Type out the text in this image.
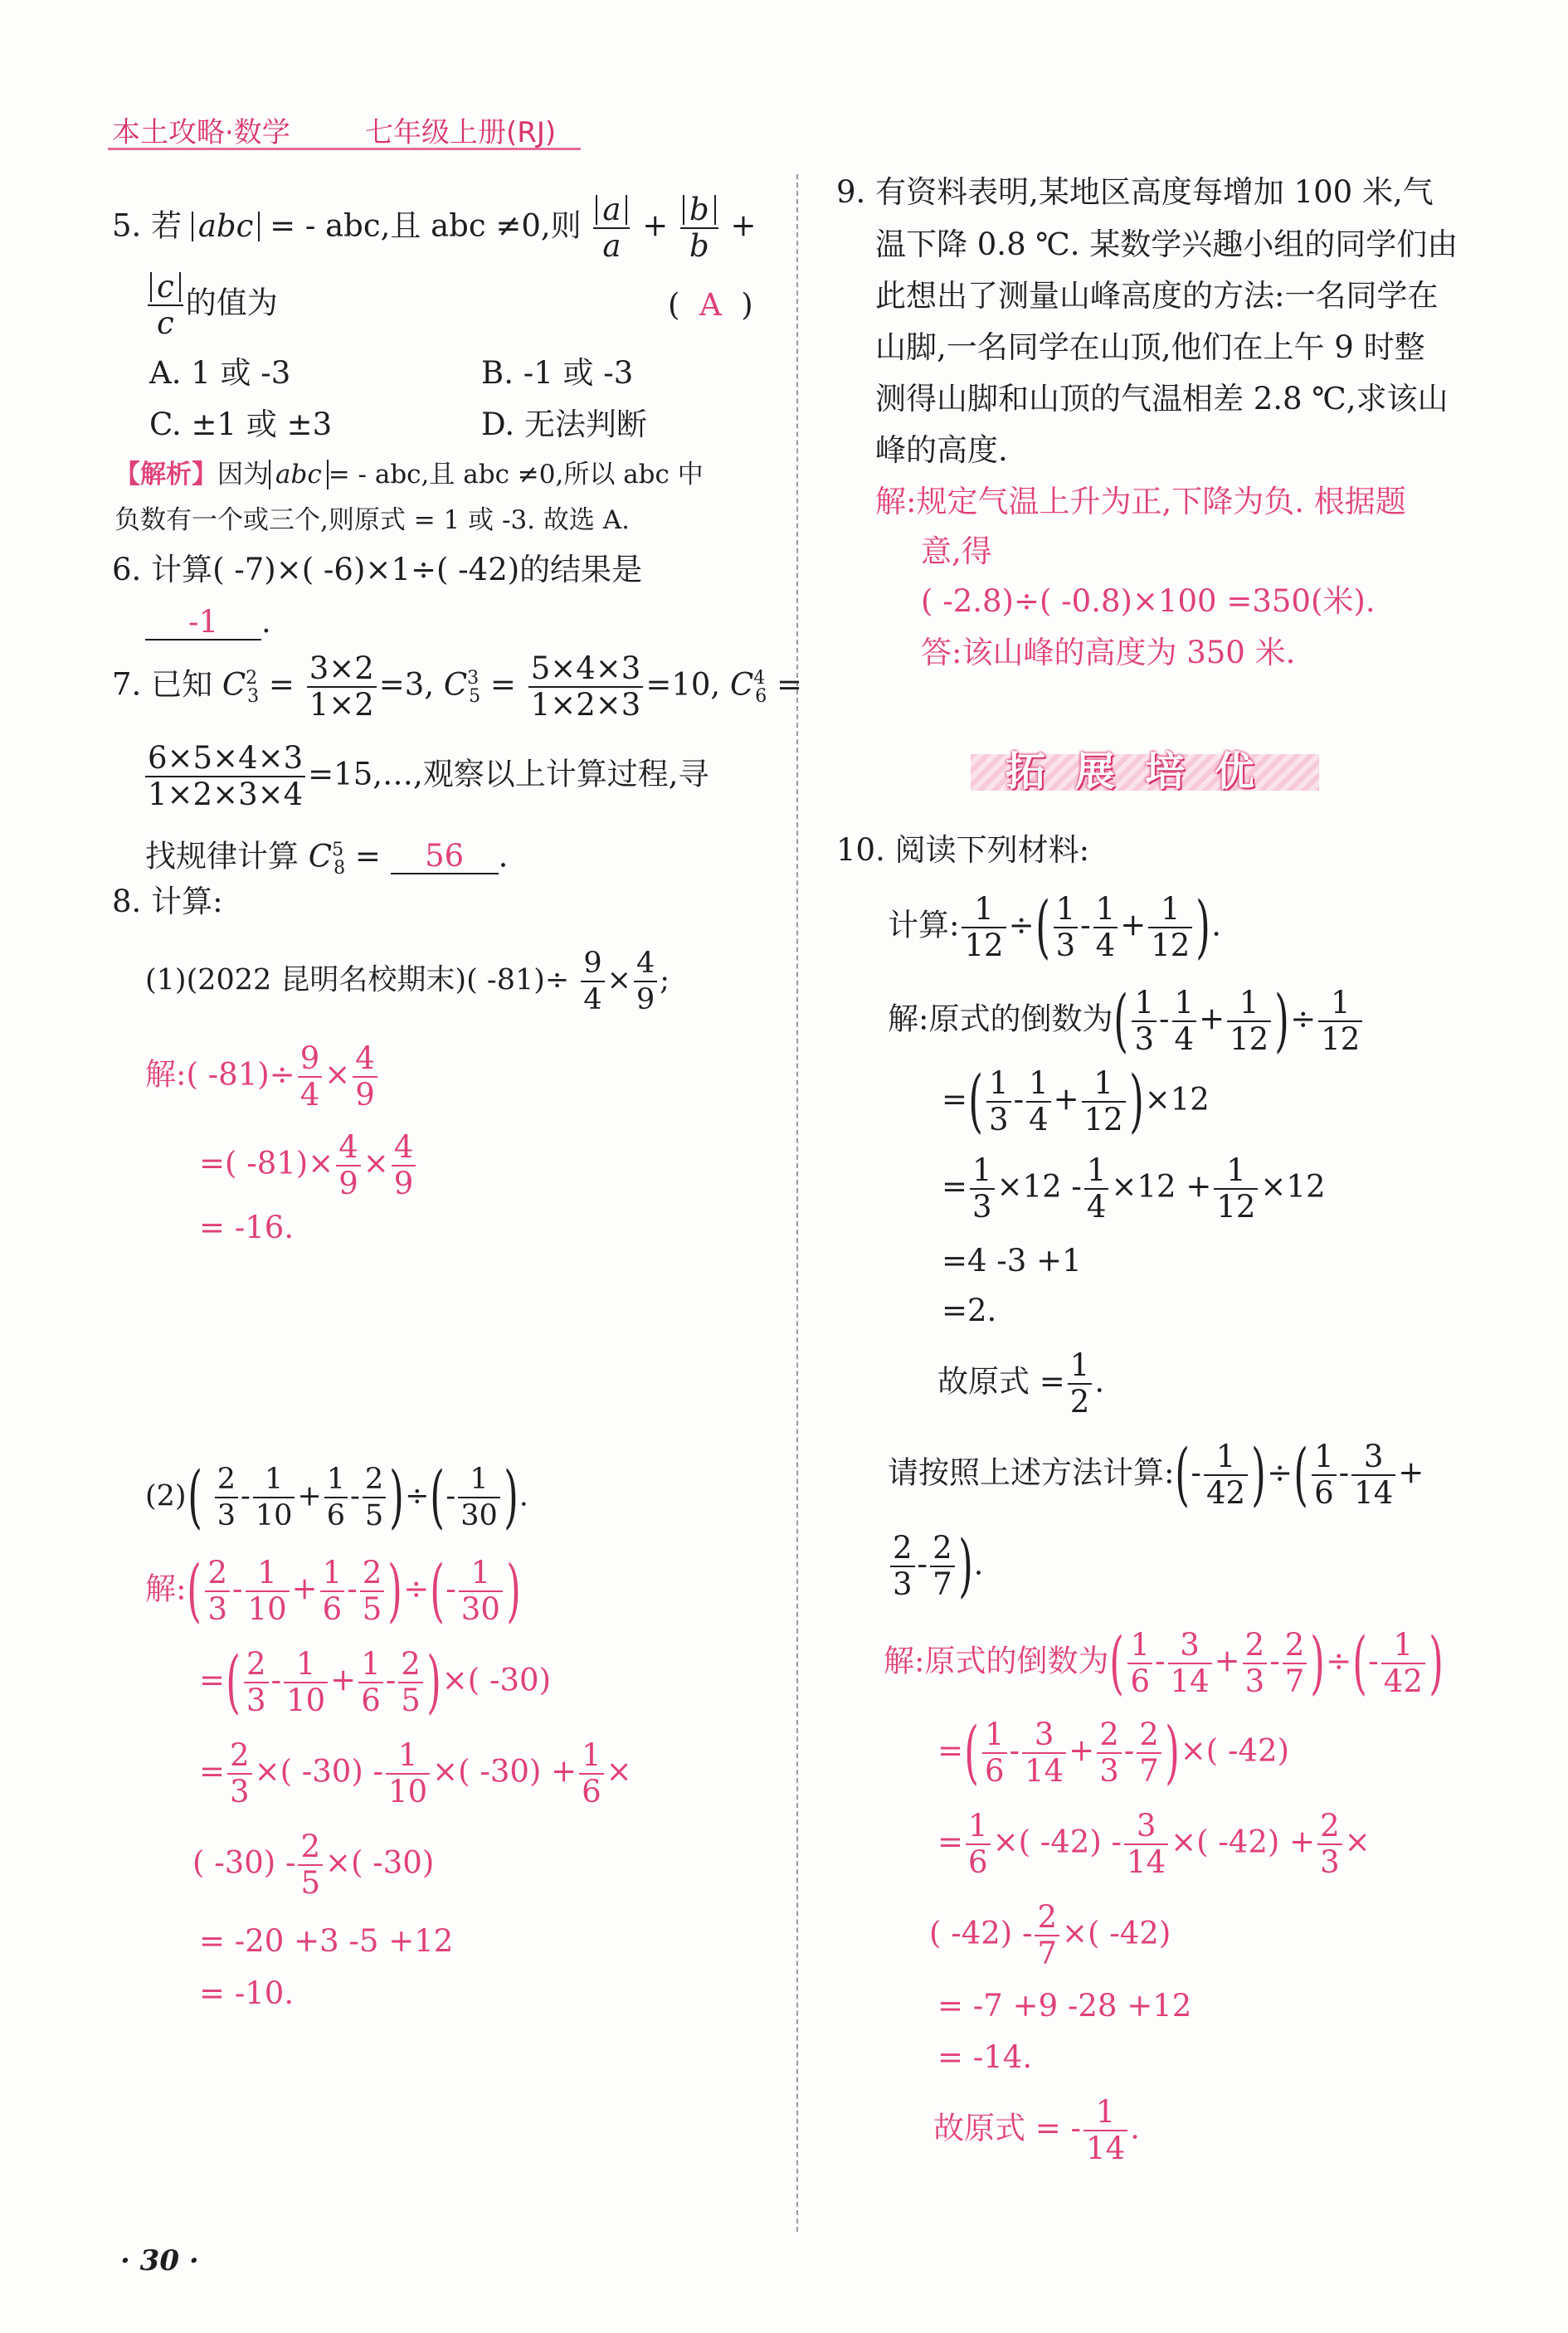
本土攻略·数学	七年级上册(RJ)
5. 若 abc = - abc,且 abc ≠0,则 $\frac{a}{a} + \frac{b}{b}$ +
$\frac{c}{c}$ 的值为	( A )
A. 1 或 -3	B. -1 或 -3
C. ±1 或 ±3	D. 无法判断
【解析】因为 abc = - abc,且 abc ≠0,所以 abc 中
负数有一个或三个,则原式 = 1 或 -3. 故选 A.
6. 计算( -7)×( -6)×1÷( -42)的结果是
-1 .
7. 已知 $C^2_3 = \frac{3\times 2}{1\times 2} =3$, $C^3_5 = \frac{5\times 4\times 3}{1\times 2\times 3} =10$, $C^4_6$ =
$\frac{6\times 5\times 4\times 3}{1\times 2\times 3\times 4}$ =15,…,观察以上计算过程,寻
找规律计算 $C^5_8 = 56$ .
8. 计算:
(1)(2022 昆明名校期末)( $-81)\div \frac{9}{4} \times \frac{4}{9}$ ;
解:( $-81)\div \frac{9}{4} \times \frac{4}{9}$
=( $-81)\times \frac{4}{9} \times \frac{4}{9}$
= -16.
$(2)( \frac{2}{3} - \frac{1}{10} + \frac{1}{6} - \frac{2}{5}$ )÷(- $\frac{1}{30}$ ).
解:( $\frac{2}{3} - \frac{1}{10} + \frac{1}{6} - \frac{2}{5}$ )÷(- $\frac{1}{30}$ )
=( $\frac{2}{3} - \frac{1}{10} + \frac{1}{6} - \frac{2}{5}$ )×( -30)
= $\frac{2}{3}$ ×( $-30) - \frac{1}{10}$ ×( $-30) + \frac{1}{6}$ ×
( $-30) - \frac{2}{5}$ ×( -30)
= -20 +3 -5 +12
= -10.
· 30 ·
9. 有资料表明,某地区高度每增加 100 米,气
温下降 0.8 ℃. 某数学兴趣小组的同学们由
此想出了测量山峰高度的方法:一名同学在
山脚,一名同学在山顶,他们在上午 9 时整
测得山脚和山顶的气温相差 2.8 ℃,求该山
峰的高度.
解:规定气温上升为正,下降为负. 根据题
意,得
( -2.8)÷( -0.8)×100 =350(米).
答:该山峰的高度为 350 米.
拓展培优
10. 阅读下列材料:
计算: $\frac{1}{12}$ ÷( $\frac{1}{3} - \frac{1}{4} + \frac{1}{12}$ ).
解:原式的倒数为( $\frac{1}{3} - \frac{1}{4} + \frac{1}{12}$ )÷ $\frac{1}{12}$
=( $\frac{1}{3} - \frac{1}{4} + \frac{1}{12} )\times 12$
= $\frac{1}{3} \times 12 - \frac{1}{4} \times 12 + \frac{1}{12} \times 12$
=4 -3 +1
=2.
故原式 = $\frac{1}{2}$ .
请按照上述方法计算:(- $\frac{1}{42}$ )÷( $\frac{1}{6} - \frac{3}{14}$ +
$\frac{2}{3} - \frac{2}{7}$ ).
解:原式的倒数为( $\frac{1}{6} - \frac{3}{14} + \frac{2}{3} - \frac{2}{7}$ )÷(- $\frac{1}{42}$ )
=( $\frac{1}{6} - \frac{3}{14} + \frac{2}{3} - \frac{2}{7}$ )×( -42)
= $\frac{1}{6}$ ×( $-42) - \frac{3}{14}$ ×( $-42) + \frac{2}{3}$ ×
( $-42) - \frac{2}{7}$ ×( -42)
= -7 +9 -28 +12
= -14.
故原式 = - $\frac{1}{14}$ .
